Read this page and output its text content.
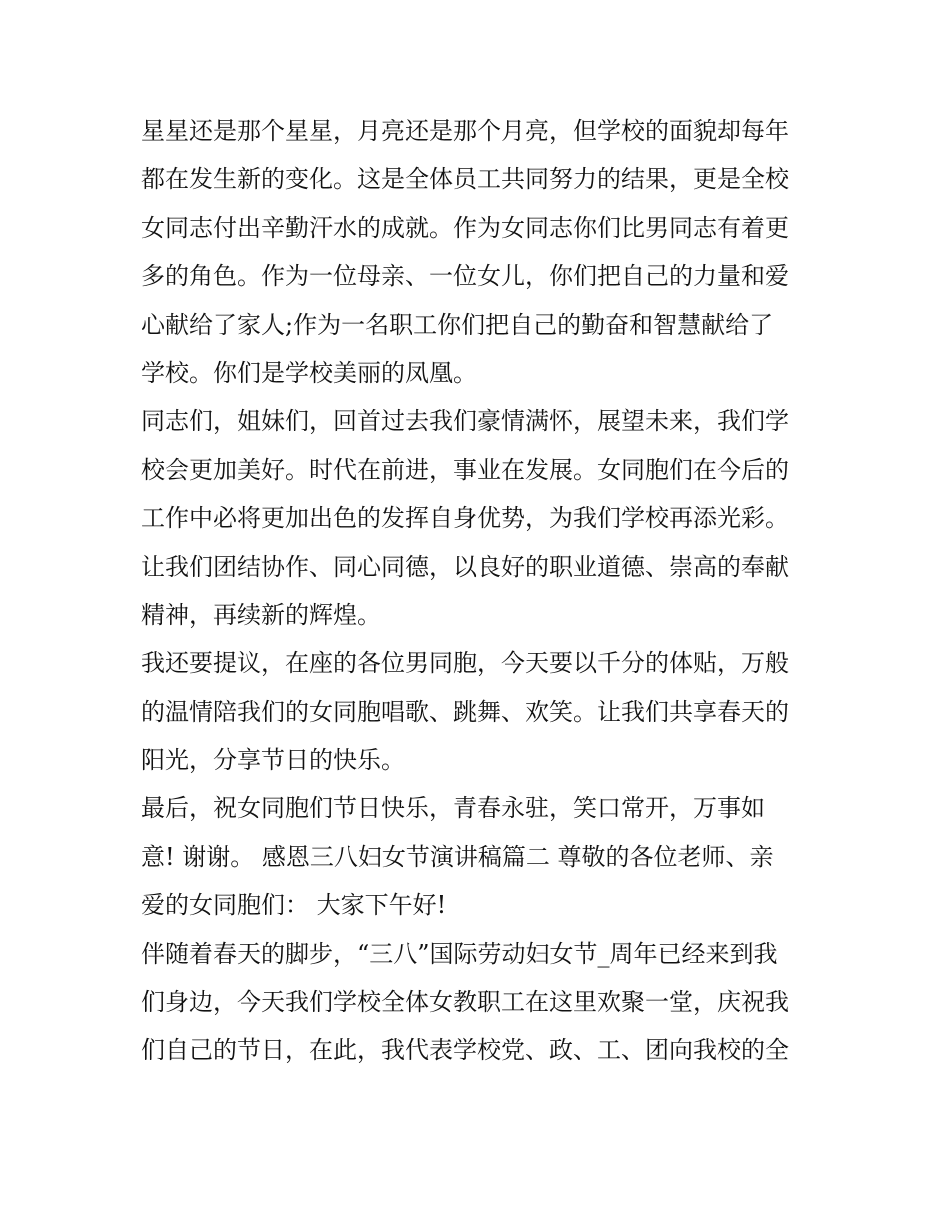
星星还是那个星星，月亮还是那个月亮，但学校的面貌却每年
都在发生新的变化。这是全体员工共同努力的结果，更是全校
女同志付出辛勤汗水的成就。作为女同志你们比男同志有着更
多的角色。作为一位母亲、一位女儿，你们把自己的力量和爱
心献给了家人;作为一名职工你们把自己的勤奋和智慧献给了
学校。你们是学校美丽的凤凰。
同志们，姐妹们，回首过去我们豪情满怀，展望未来，我们学
校会更加美好。时代在前进，事业在发展。女同胞们在今后的
工作中必将更加出色的发挥自身优势，为我们学校再添光彩。
让我们团结协作、同心同德，以良好的职业道德、崇高的奉献
精神，再续新的辉煌。
我还要提议，在座的各位男同胞，今天要以千分的体贴，万般
的温情陪我们的女同胞唱歌、跳舞、欢笑。让我们共享春天的
阳光，分享节日的快乐。
最后，祝女同胞们节日快乐，青春永驻，笑口常开，万事如
意! 谢谢。 感恩三八妇女节演讲稿篇二 尊敬的各位老师、亲
爱的女同胞们： 大家下午好!
伴随着春天的脚步，“三八”国际劳动妇女节_周年已经来到我
们身边，今天我们学校全体女教职工在这里欢聚一堂，庆祝我
们自己的节日，在此，我代表学校党、政、工、团向我校的全
